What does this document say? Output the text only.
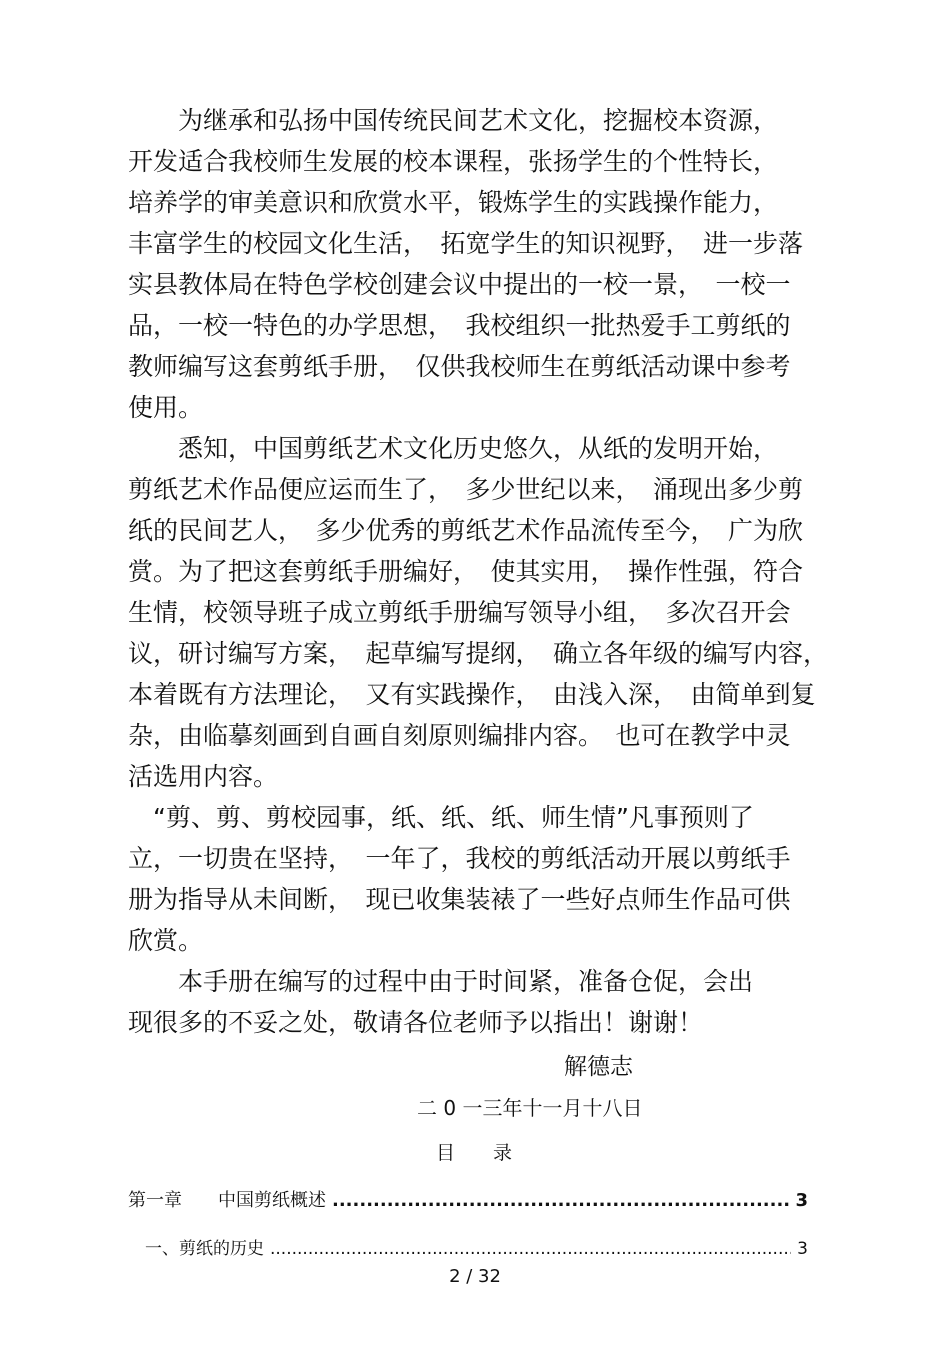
　　为继承和弘扬中国传统民间艺术文化，挖掘校本资源，
开发适合我校师生发展的校本课程，张扬学生的个性特长，
培养学的审美意识和欣赏水平，锻炼学生的实践操作能力，
丰富学生的校园文化生活，　拓宽学生的知识视野，　进一步落
实县教体局在特色学校创建会议中提出的一校一景，　一校一
品，一校一特色的办学思想，　我校组织一批热爱手工剪纸的
教师编写这套剪纸手册，　仅供我校师生在剪纸活动课中参考
使用。
　　悉知，中国剪纸艺术文化历史悠久，从纸的发明开始，
剪纸艺术作品便应运而生了，　多少世纪以来，　涌现出多少剪
纸的民间艺人，　多少优秀的剪纸艺术作品流传至今，　广为欣
赏。为了把这套剪纸手册编好，　使其实用，　操作性强，符合
生情，校领导班子成立剪纸手册编写领导小组，　多次召开会
议，研讨编写方案，　起草编写提纲，　确立各年级的编写内容，
本着既有方法理论，　又有实践操作，　由浅入深，　由简单到复
杂，由临摹刻画到自画自刻原则编排内容。　也可在教学中灵
活选用内容。
　“剪、剪、剪校园事，纸、纸、纸、师生情”凡事预则了
立，一切贵在坚持，　一年了，我校的剪纸活动开展以剪纸手
册为指导从未间断，　现已收集装裱了一些好点师生作品可供
欣赏。
　　本手册在编写的过程中由于时间紧，准备仓促，会出
现很多的不妥之处，敬请各位老师予以指出！谢谢！
解德志
二 0 一三年十一月十八日
目　　录
第一章　　中国剪纸概述 .....	3
　一、剪纸的历史 .....	3
2 / 32
